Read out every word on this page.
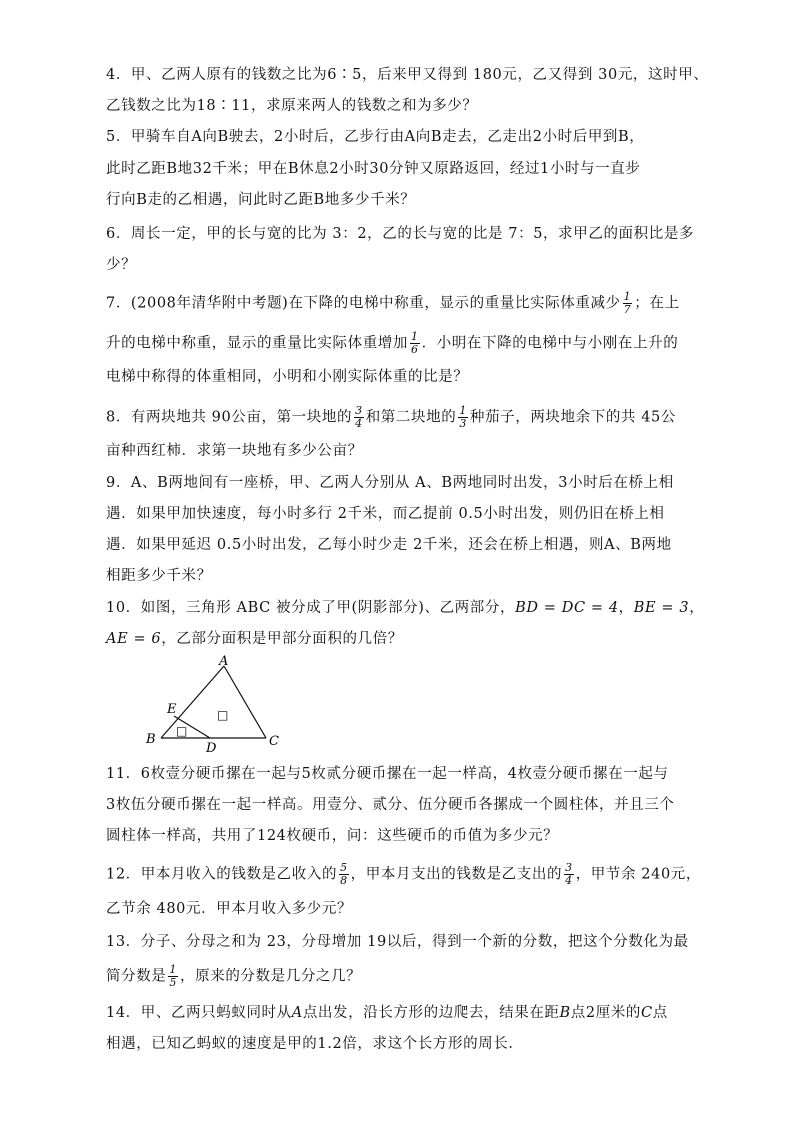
4．甲、乙两人原有的钱数之比为6∶5，后来甲又得到 180元，乙又得到 30元，这时甲、
乙钱数之比为18∶11，求原来两人的钱数之和为多少？
5．甲骑车自A向B驶去，2小时后，乙步行由A向B走去，乙走出2小时后甲到B，
此时乙距B地32千米；甲在B休息2小时30分钟又原路返回，经过1小时与一直步
行向B走的乙相遇，问此时乙距B地多少千米？
6．周长一定，甲的长与宽的比为 3：2，乙的长与宽的比是 7：5，求甲乙的面积比是多
少？
7．(2008年清华附中考题)在下降的电梯中称重，显示的重量比实际体重减少 $\frac{1}{7}$ ；在上
升的电梯中称重，显示的重量比实际体重增加 $\frac{1}{6}$ ．小明在下降的电梯中与小刚在上升的
电梯中称得的体重相同，小明和小刚实际体重的比是？
8．有两块地共 90公亩，第一块地的 $\frac{3}{4}$ 和第二块地的 $\frac{1}{3}$ 种茄子，两块地余下的共 45公
亩种西红柿．求第一块地有多少公亩？
9．A、B两地间有一座桥，甲、乙两人分别从 A、B两地同时出发，3小时后在桥上相
遇．如果甲加快速度，每小时多行 2千米，而乙提前 0.5小时出发，则仍旧在桥上相
遇．如果甲延迟 0.5小时出发，乙每小时少走 2千米，还会在桥上相遇，则A、B两地
相距多少千米？
10．如图，三角形 ABC 被分成了甲(阴影部分)、乙两部分，BD = DC = 4，BE = 3，
AE = 6，乙部分面积是甲部分面积的几倍？
A
B	C
D
E
□
□
11．6枚壹分硬币摞在一起与5枚贰分硬币摞在一起一样高，4枚壹分硬币摞在一起与
3枚伍分硬币摞在一起一样高。用壹分、贰分、伍分硬币各摞成一个圆柱体，并且三个
圆柱体一样高，共用了124枚硬币，问：这些硬币的币值为多少元？
12．甲本月收入的钱数是乙收入的 $\frac{5}{8}$ ，甲本月支出的钱数是乙支出的 $\frac{3}{4}$ ，甲节余 240元，
乙节余 480元．甲本月收入多少元？
13．分子、分母之和为 23，分母增加 19以后，得到一个新的分数，把这个分数化为最
简分数是 $\frac{1}{5}$ ，原来的分数是几分之几？
14．甲、乙两只蚂蚁同时从A点出发，沿长方形的边爬去，结果在距B点2厘米的C点
相遇，已知乙蚂蚁的速度是甲的1.2倍，求这个长方形的周长．
